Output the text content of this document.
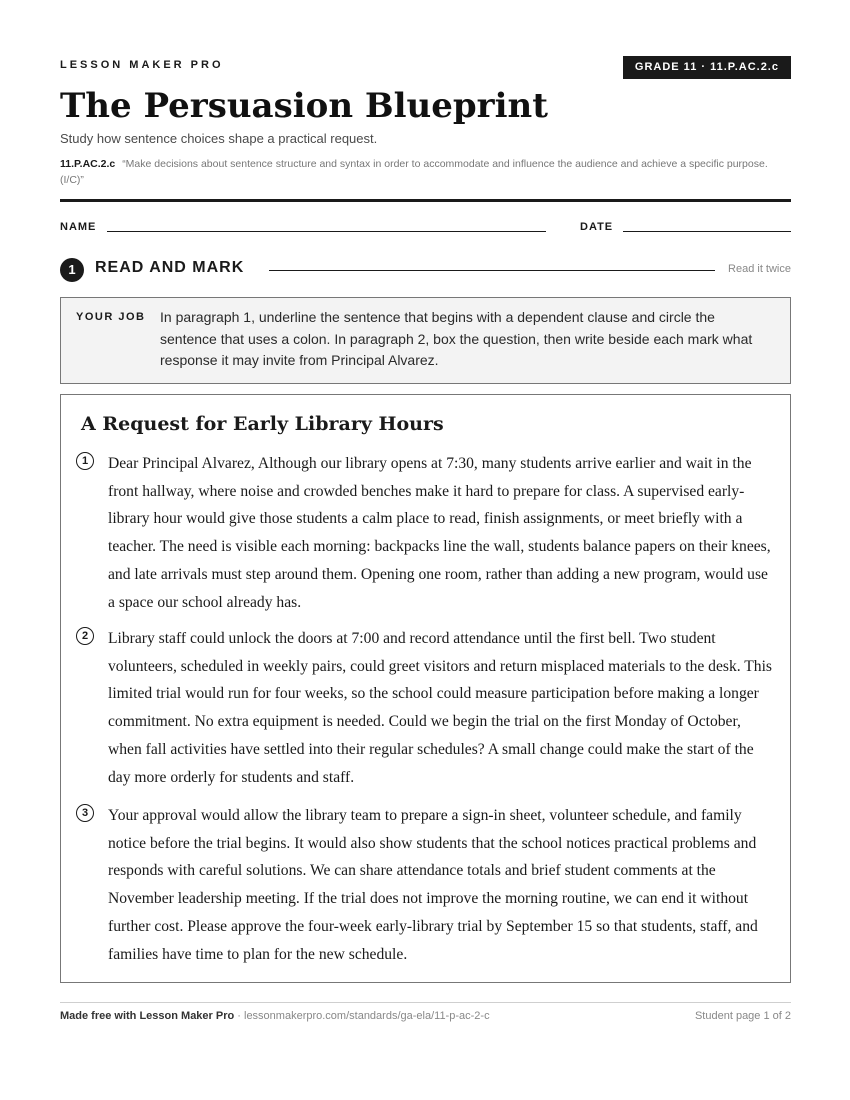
LESSON MAKER PRO	GRADE 11 · 11.P.AC.2.c
The Persuasion Blueprint
Study how sentence choices shape a practical request.
11.P.AC.2.c “Make decisions about sentence structure and syntax in order to accommodate and influence the audience and achieve a specific purpose. (I/C)”
NAME	DATE
1	READ AND MARK	Read it twice
YOUR JOB In paragraph 1, underline the sentence that begins with a dependent clause and circle the sentence that uses a colon. In paragraph 2, box the question, then write beside each mark what response it may invite from Principal Alvarez.
A Request for Early Library Hours
1	Dear Principal Alvarez, Although our library opens at 7:30, many students arrive earlier and wait in the front hallway, where noise and crowded benches make it hard to prepare for class. A supervised early-library hour would give those students a calm place to read, finish assignments, or meet briefly with a teacher. The need is visible each morning: backpacks line the wall, students balance papers on their knees, and late arrivals must step around them. Opening one room, rather than adding a new program, would use a space our school already has.
2	Library staff could unlock the doors at 7:00 and record attendance until the first bell. Two student volunteers, scheduled in weekly pairs, could greet visitors and return misplaced materials to the desk. This limited trial would run for four weeks, so the school could measure participation before making a longer commitment. No extra equipment is needed. Could we begin the trial on the first Monday of October, when fall activities have settled into their regular schedules? A small change could make the start of the day more orderly for students and staff.
3	Your approval would allow the library team to prepare a sign-in sheet, volunteer schedule, and family notice before the trial begins. It would also show students that the school notices practical problems and responds with careful solutions. We can share attendance totals and brief student comments at the November leadership meeting. If the trial does not improve the morning routine, we can end it without further cost. Please approve the four-week early-library trial by September 15 so that students, staff, and families have time to plan for the new schedule.
Made free with Lesson Maker Pro · lessonmakerpro.com/standards/ga-ela/11-p-ac-2-c	Student page 1 of 2
